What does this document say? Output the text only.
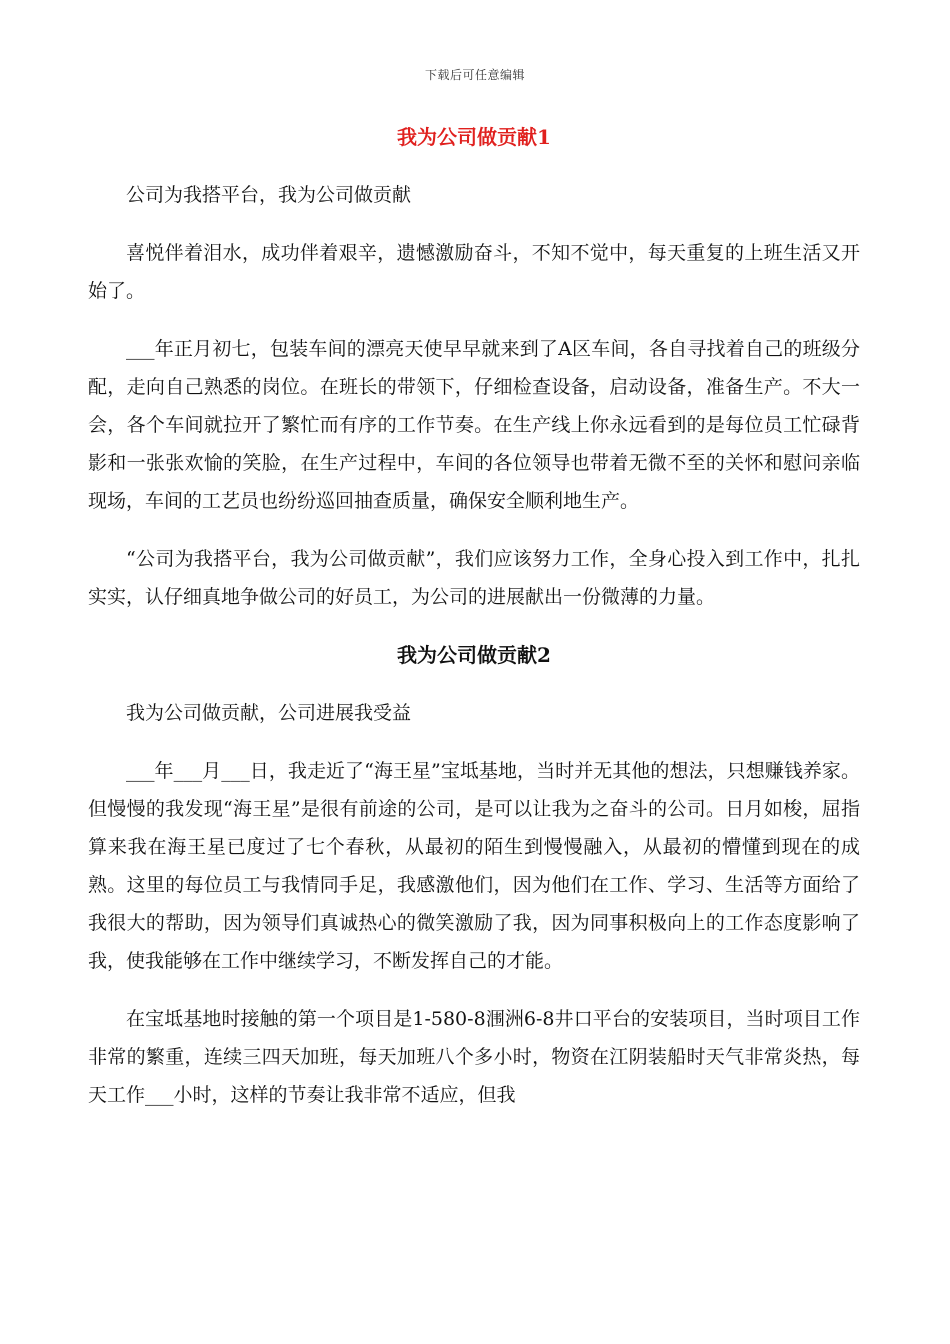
下载后可任意编辑
我为公司做贡献1

公司为我搭平台，我为公司做贡献

喜悦伴着泪水，成功伴着艰辛，遗憾激励奋斗，不知不觉中，每天重复的上班生活又开始了。

___年正月初七，包装车间的漂亮天使早早就来到了A区车间，各自寻找着自己的班级分配，走向自己熟悉的岗位。在班长的带领下，仔细检查设备，启动设备，准备生产。不大一会，各个车间就拉开了繁忙而有序的工作节奏。在生产线上你永远看到的是每位员工忙碌背影和一张张欢愉的笑脸，在生产过程中，车间的各位领导也带着无微不至的关怀和慰问亲临现场，车间的工艺员也纷纷巡回抽查质量，确保安全顺利地生产。

“公司为我搭平台，我为公司做贡献”，我们应该努力工作，全身心投入到工作中，扎扎实实，认仔细真地争做公司的好员工，为公司的进展献出一份微薄的力量。

我为公司做贡献2

我为公司做贡献，公司进展我受益

___年___月___日，我走近了“海王星”宝坻基地，当时并无其他的想法，只想赚钱养家。但慢慢的我发现“海王星”是很有前途的公司，是可以让我为之奋斗的公司。日月如梭，屈指算来我在海王星已度过了七个春秋，从最初的陌生到慢慢融入，从最初的懵懂到现在的成熟。这里的每位员工与我情同手足，我感激他们，因为他们在工作、学习、生活等方面给了我很大的帮助，因为领导们真诚热心的微笑激励了我，因为同事积极向上的工作态度影响了我，使我能够在工作中继续学习，不断发挥自己的才能。

在宝坻基地时接触的第一个项目是1-580-8涠洲6-8井口平台的安装项目，当时项目工作非常的繁重，连续三四天加班，每天加班八个多小时，物资在江阴装船时天气非常炎热，每天工作___小时，这样的节奏让我非常不适应，但我
